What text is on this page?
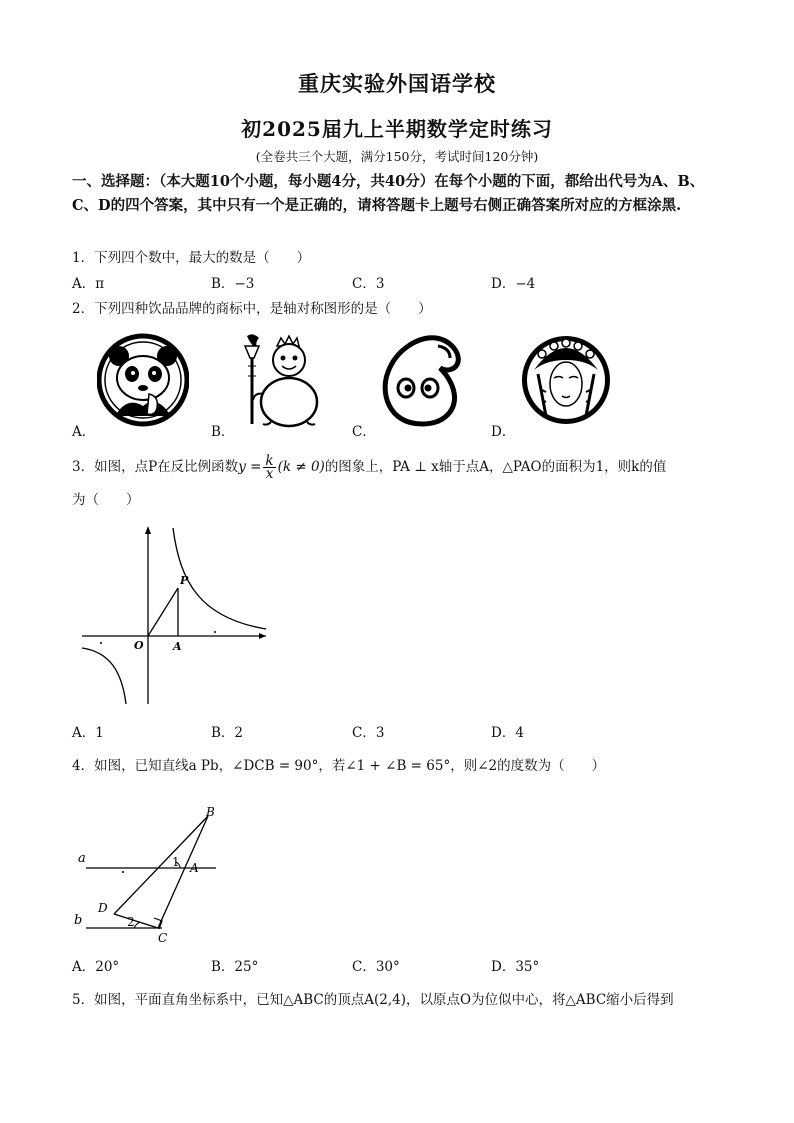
重庆实验外国语学校
初2025届九上半期数学定时练习
(全卷共三个大题，满分150分，考试时间120分钟)
一、选择题：（本大题10个小题，每小题4分，共40分）在每个小题的下面，都给出代号为A、B、C、D的四个答案，其中只有一个是正确的，请将答题卡上题号右侧正确答案所对应的方框涂黑.
1．下列四个数中，最大的数是（　　）
A．π	B．−3	C．3	D．−4
2．下列四种饮品品牌的商标中，是轴对称图形的是（　　）
A．	B．	C．	D．
3．如图，点P在反比例函数$y = \frac{k}{x} (k \ne 0)$的图象上，PA ⊥ x轴于点A，△PAO的面积为1，则k的值
为（　　）
P
O	A
A．1	B．2	C．3	D．4
4．如图，已知直线a Pb，∠DCB = 90°，若∠1 + ∠B = 65°，则∠2的度数为（　　）
a
b
B
A
C
D
1
2
A．20°	B．25°	C．30°	D．35°
5．如图，平面直角坐标系中，已知△ABC的顶点A(2,4)，以原点O为位似中心，将△ABC缩小后得到
